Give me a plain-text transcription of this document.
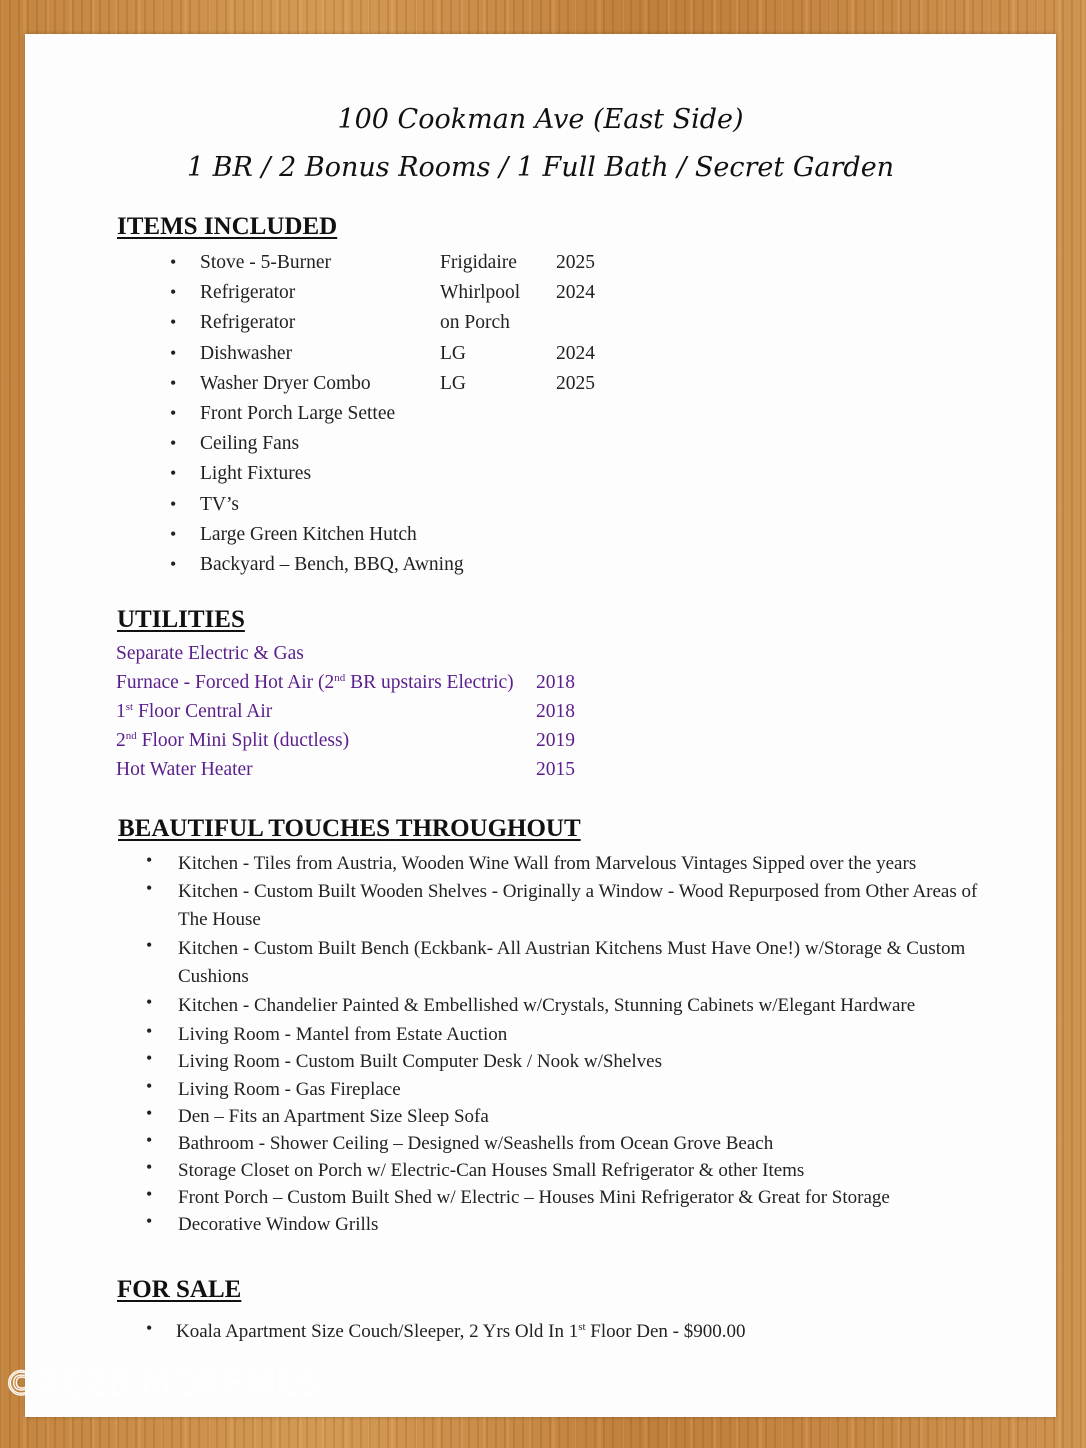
100 Cookman Ave (East Side)
1 BR / 2 Bonus Rooms / 1 Full Bath / Secret Garden
ITEMS INCLUDED
• Stove - 5-Burner	Frigidaire 2025
• Refrigerator	Whirlpool 2024
• Refrigerator	on Porch
• Dishwasher	LG	2024
• Washer Dryer Combo	LG	2025
• Front Porch Large Settee
• Ceiling Fans
• Light Fixtures
• TV’s
• Large Green Kitchen Hutch
• Backyard – Bench, BBQ, Awning
UTILITIES
Separate Electric & Gas
Furnace - Forced Hot Air (2nd BR upstairs Electric) 2018
1st Floor Central Air	2018
2nd Floor Mini Split (ductless)	2019
Hot Water Heater	2015
BEAUTIFUL TOUCHES THROUGHOUT
• Kitchen - Tiles from Austria, Wooden Wine Wall from Marvelous Vintages Sipped over the years
• Kitchen - Custom Built Wooden Shelves - Originally a Window - Wood Repurposed from Other Areas of The House
• Kitchen - Custom Built Bench (Eckbank- All Austrian Kitchens Must Have One!) w/Storage & Custom Cushions
• Kitchen - Chandelier Painted & Embellished w/Crystals, Stunning Cabinets w/Elegant Hardware
• Living Room - Mantel from Estate Auction
• Living Room - Custom Built Computer Desk / Nook w/Shelves
• Living Room - Gas Fireplace
• Den – Fits an Apartment Size Sleep Sofa
• Bathroom - Shower Ceiling – Designed w/Seashells from Ocean Grove Beach
• Storage Closet on Porch w/ Electric-Can Houses Small Refrigerator & other Items
• Front Porch – Custom Built Shed w/ Electric – Houses Mini Refrigerator & Great for Storage
• Decorative Window Grills
FOR SALE
• Koala Apartment Size Couch/Sleeper, 2 Yrs Old In 1st Floor Den - $900.00
©2026 MOREMLS
